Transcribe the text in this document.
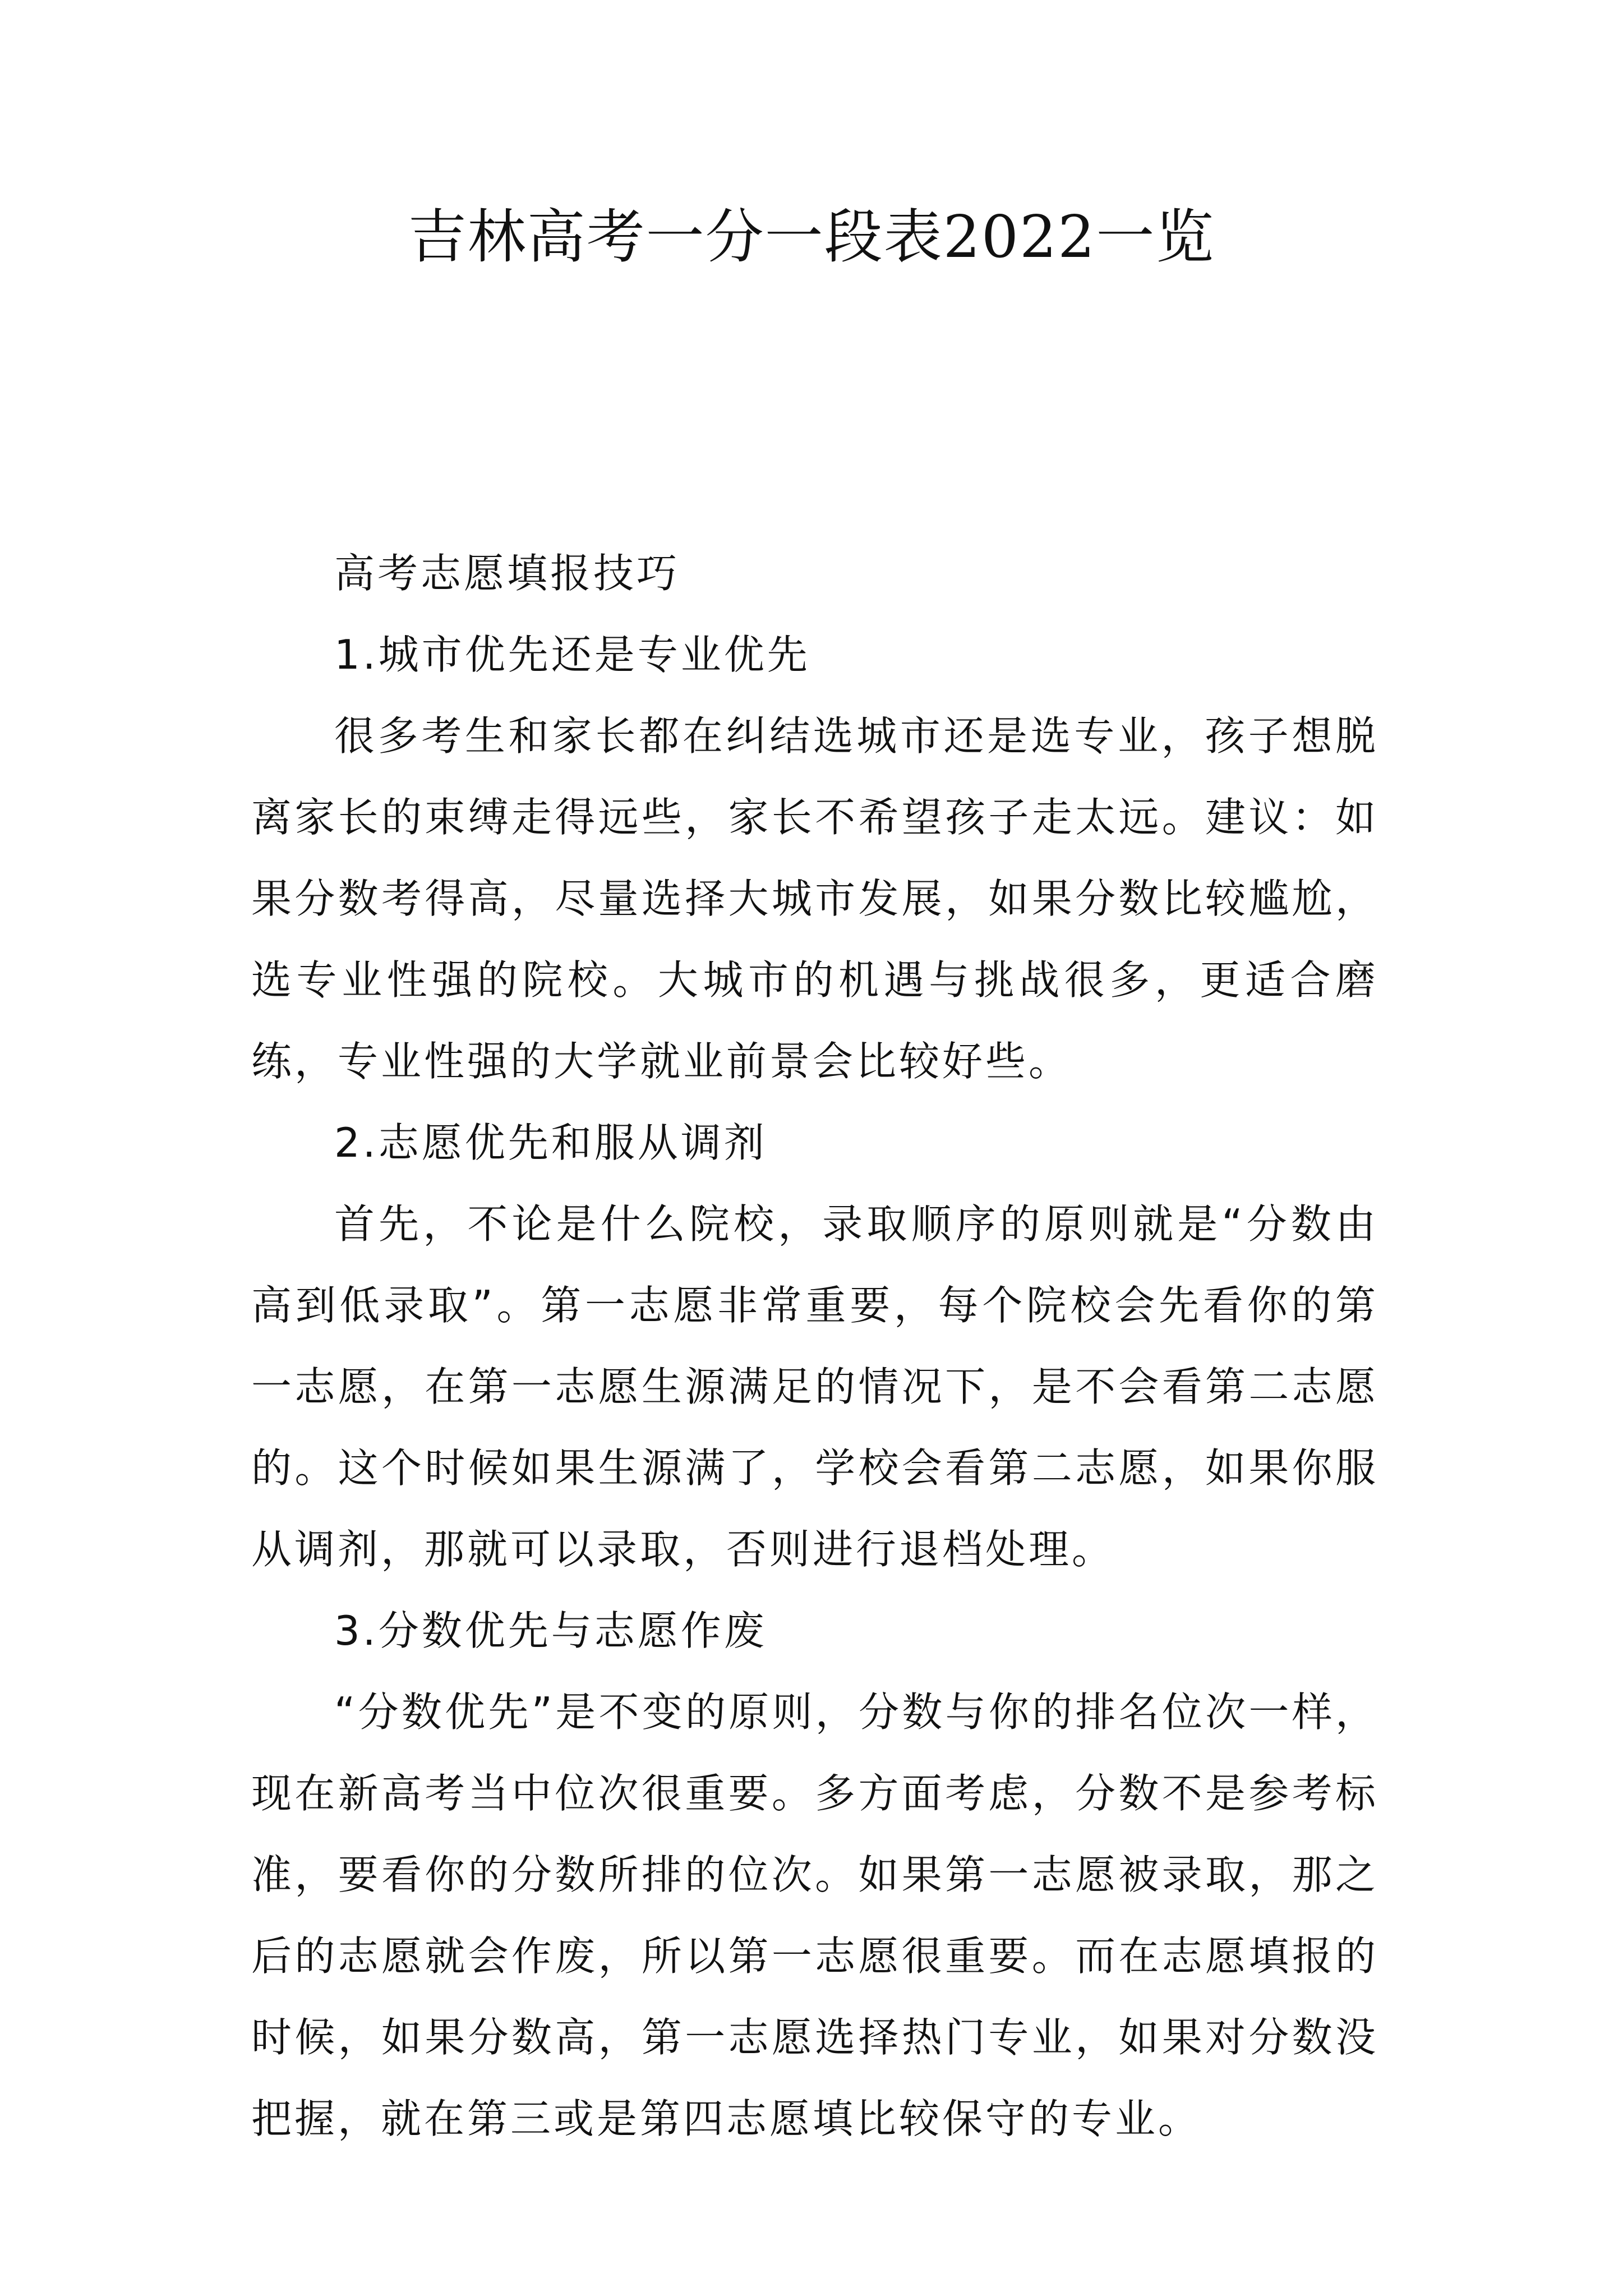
吉林高考一分一段表2022一览
高考志愿填报技巧
1.城市优先还是专业优先

很多考生和家长都在纠结选城市还是选专业，孩子想脱离家长的束缚走得远些，家长不希望孩子走太远。建议：如果分数考得高，尽量选择大城市发展，如果分数比较尴尬，选专业性强的院校。大城市的机遇与挑战很多，更适合磨练，专业性强的大学就业前景会比较好些。

2.志愿优先和服从调剂

首先，不论是什么院校，录取顺序的原则就是“分数由高到低录取”。第一志愿非常重要，每个院校会先看你的第一志愿，在第一志愿生源满足的情况下，是不会看第二志愿的。这个时候如果生源满了，学校会看第二志愿，如果你服从调剂，那就可以录取，否则进行退档处理。

3.分数优先与志愿作废

“分数优先”是不变的原则，分数与你的排名位次一样，现在新高考当中位次很重要。多方面考虑，分数不是参考标准，要看你的分数所排的位次。如果第一志愿被录取，那之后的志愿就会作废，所以第一志愿很重要。而在志愿填报的时候，如果分数高，第一志愿选择热门专业，如果对分数没把握，就在第三或是第四志愿填比较保守的专业。
